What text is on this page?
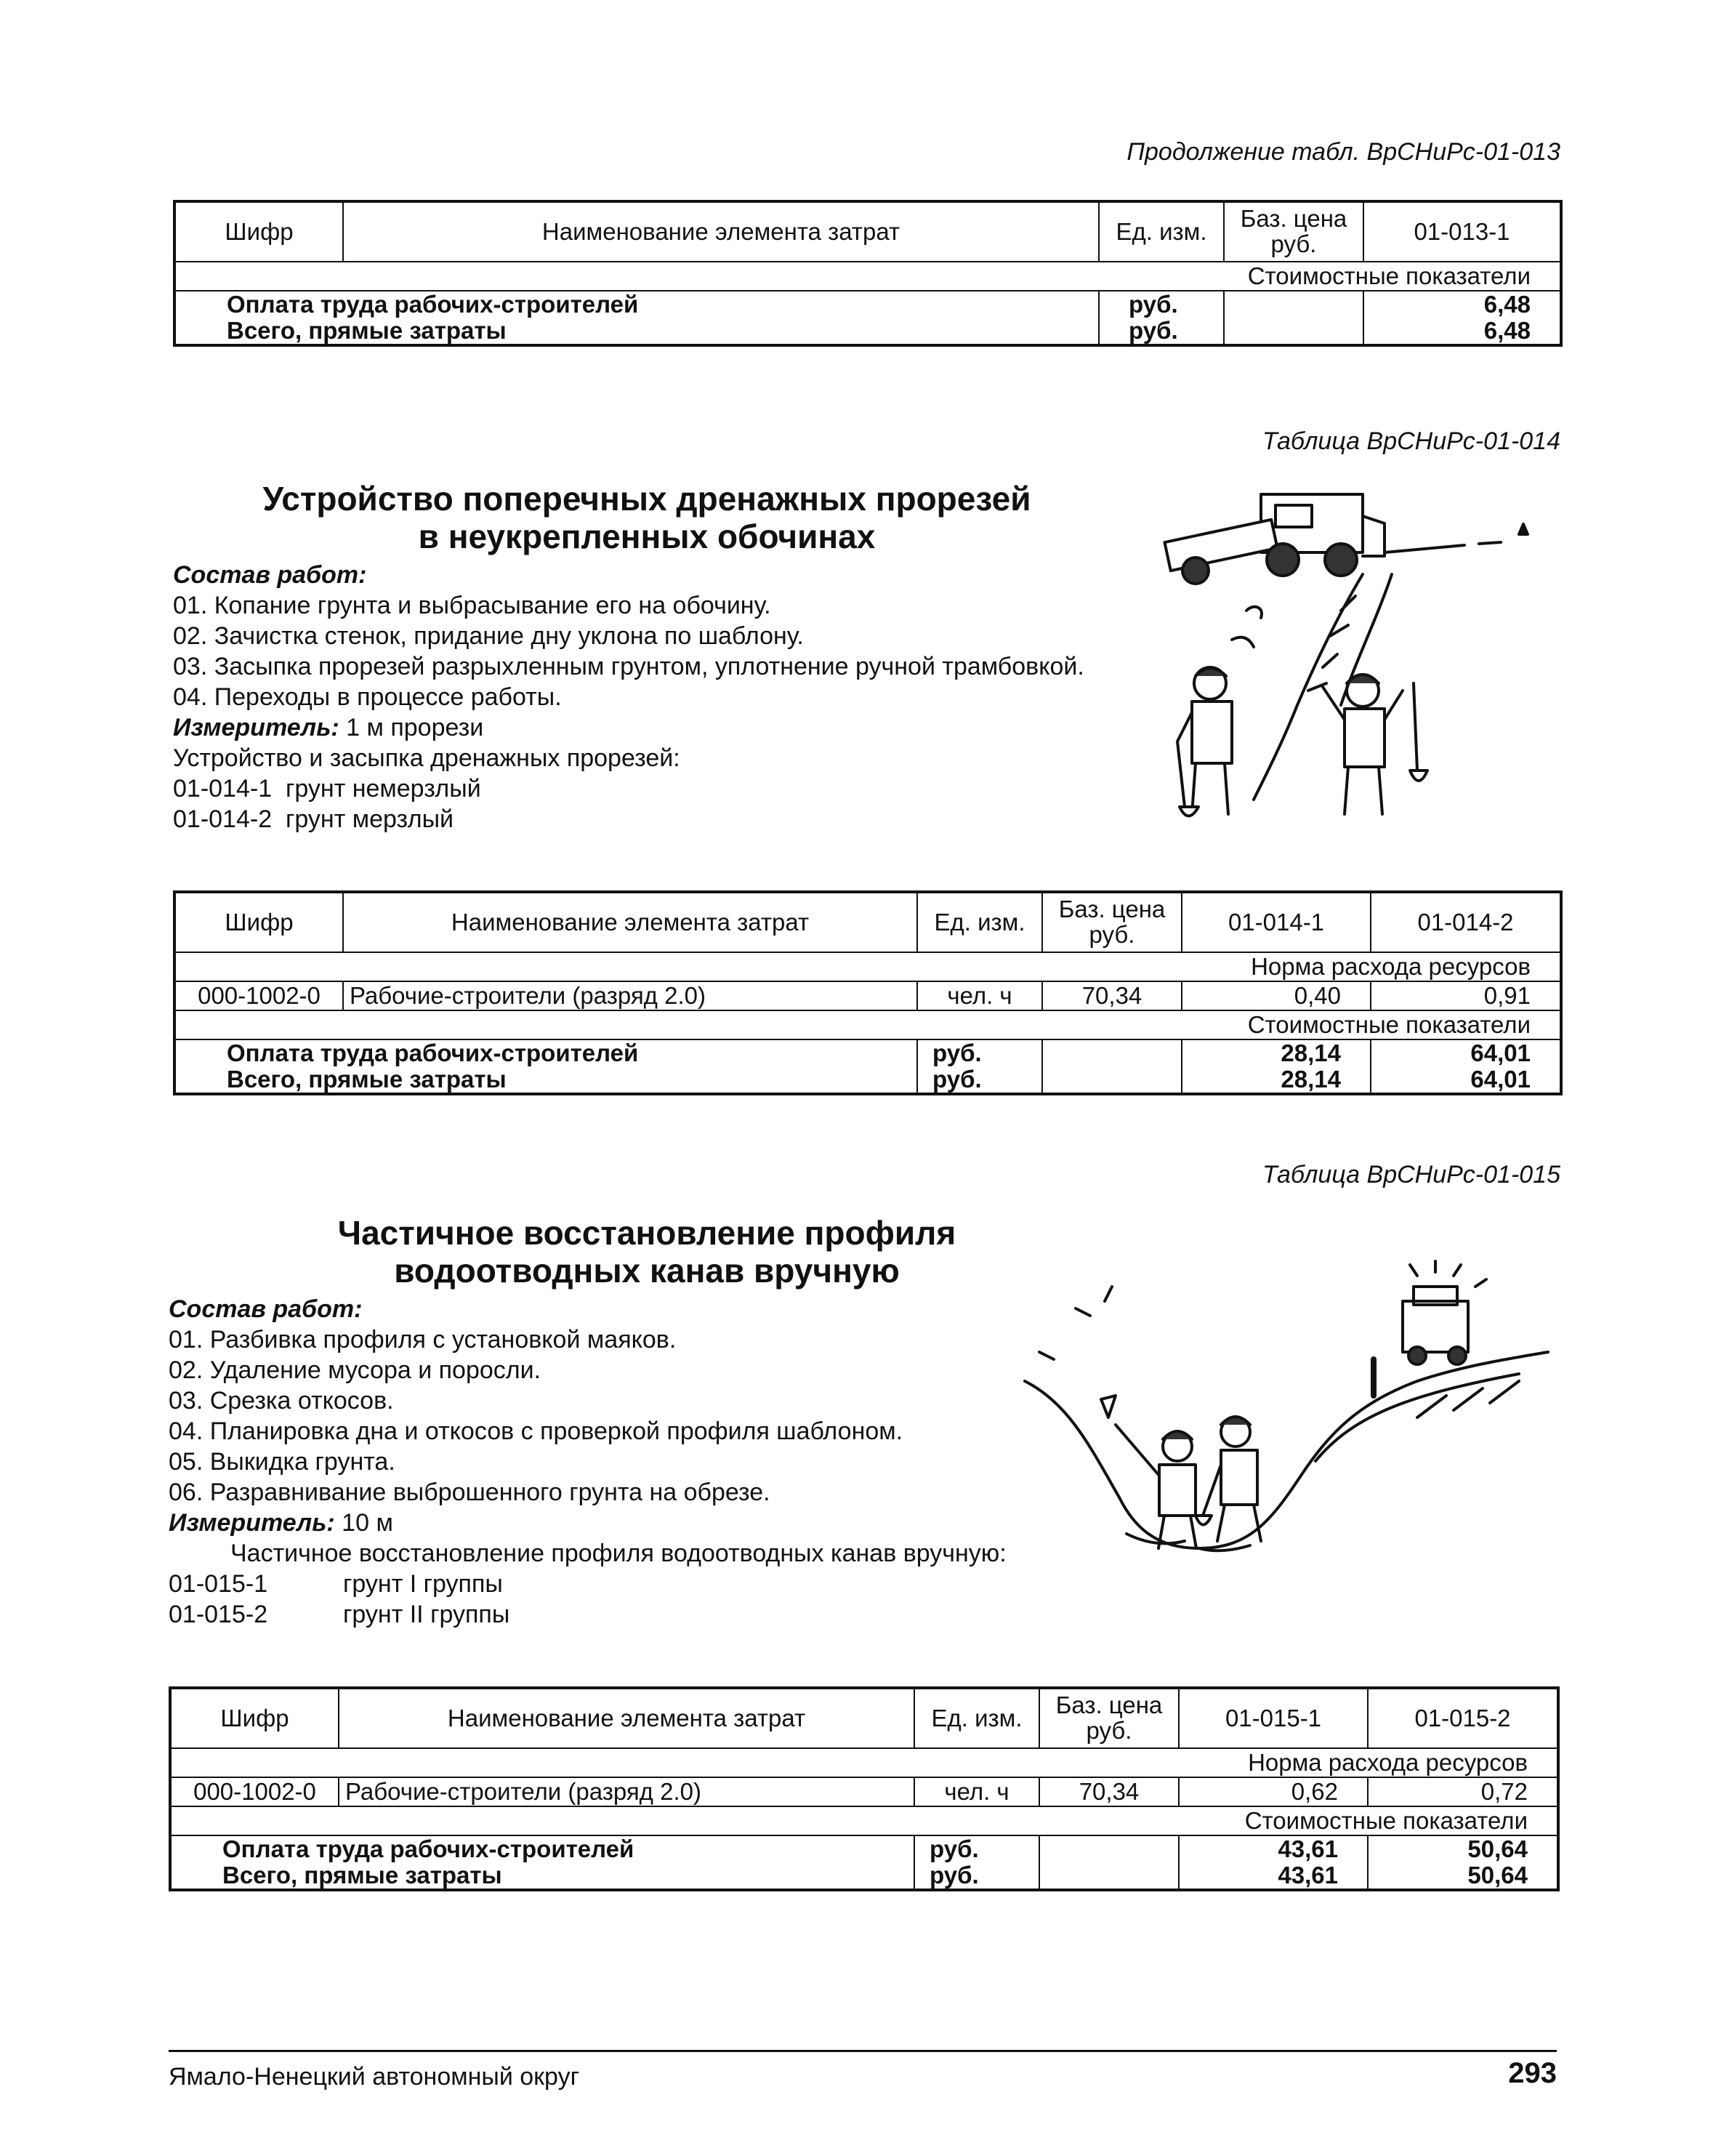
Продолжение табл. ВрСНиРс-01-013
Шифр	Наименование элемента затрат	Ед. изм.	Баз. цена руб.	01-013-1
Стоимостные показатели				
Оплата труда рабочих-строителей		руб.		6,48
Всего, прямые затраты		руб.		6,48
Таблица ВрСНиРс-01-014
Устройство поперечных дренажных прорезей
в неукрепленных обочинах
Состав работ:
01. Копание грунта и выбрасывание его на обочину.
02. Зачистка стенок, придание дну уклона по шаблону.
03. Засыпка прорезей разрыхленным грунтом, уплотнение ручной трамбовкой.
04. Переходы в процессе работы.
Измеритель: 1 м прорези
Устройство и засыпка дренажных прорезей:
01-014-1  грунт немерзлый
01-014-2  грунт мерзлый
Шифр	Наименование элемента затрат	Ед. изм.	Баз. цена руб.	01-014-1	01-014-2
Норма расхода ресурсов					
000-1002-0	Рабочие-строители (разряд 2.0)	чел. ч	70,34	0,40	0,91
Стоимостные показатели					
Оплата труда рабочих-строителей		руб.		28,14	64,01
Всего, прямые затраты		руб.		28,14	64,01
Таблица ВрСНиРс-01-015
Частичное восстановление профиля
водоотводных канав вручную
Состав работ:
01. Разбивка профиля с установкой маяков.
02. Удаление мусора и поросли.
03. Срезка откосов.
04. Планировка дна и откосов с проверкой профиля шаблоном.
05. Выкидка грунта.
06. Разравнивание выброшенного грунта на обрезе.
Измеритель: 10 м
Частичное восстановление профиля водоотводных канав вручную:
01-015-1	грунт I группы
01-015-2	грунт II группы
Шифр	Наименование элемента затрат	Ед. изм.	Баз. цена руб.	01-015-1	01-015-2
Норма расхода ресурсов					
000-1002-0	Рабочие-строители (разряд 2.0)	чел. ч	70,34	0,62	0,72
Стоимостные показатели					
Оплата труда рабочих-строителей		руб.		43,61	50,64
Всего, прямые затраты		руб.		43,61	50,64
Ямало-Ненецкий автономный округ	293
